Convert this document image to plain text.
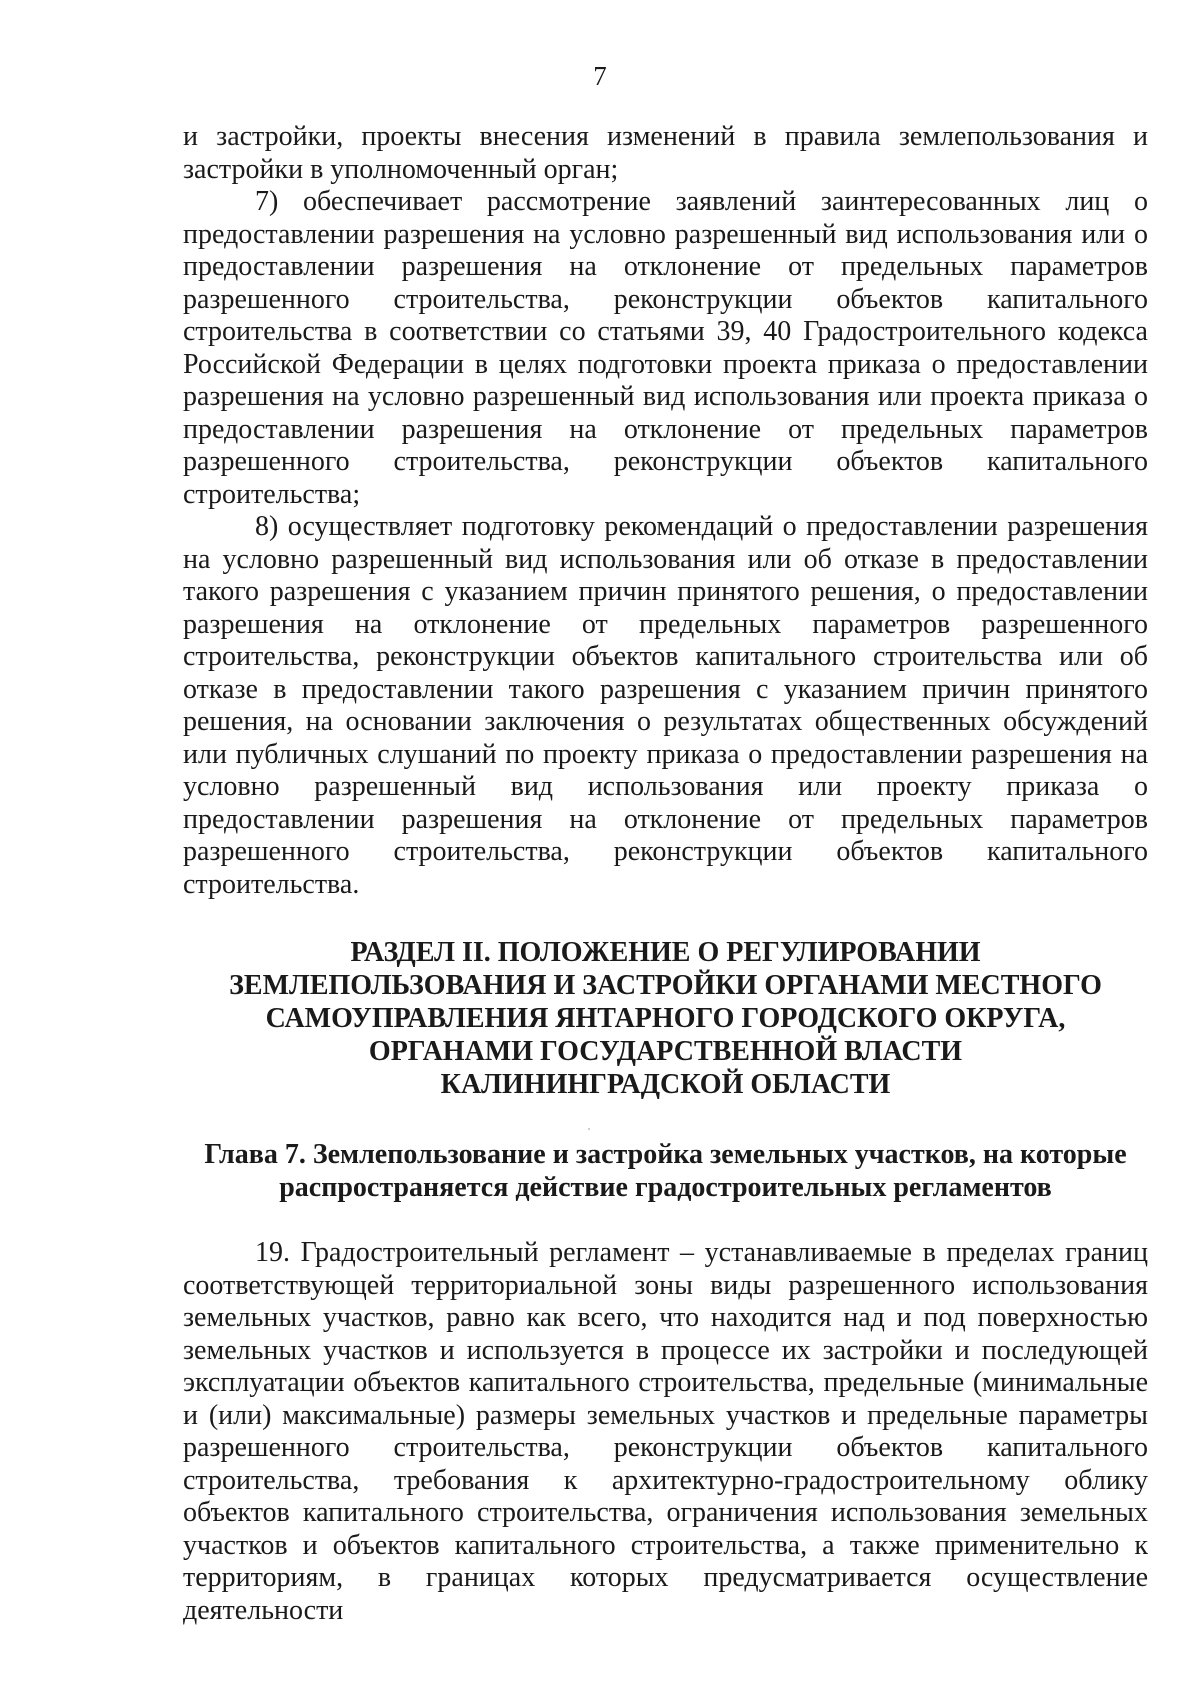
7

и застройки, проекты внесения изменений в правила землепользования и застройки в уполномоченный орган;

7) обеспечивает рассмотрение заявлений заинтересованных лиц о предоставлении разрешения на условно разрешенный вид использования или о предоставлении разрешения на отклонение от предельных параметров разрешенного строительства, реконструкции объектов капитального строительства в соответствии со статьями 39, 40 Градостроительного кодекса Российской Федерации в целях подготовки проекта приказа о предоставлении разрешения на условно разрешенный вид использования или проекта приказа о предоставлении разрешения на отклонение от предельных параметров разрешенного строительства, реконструкции объектов капитального строительства;

8) осуществляет подготовку рекомендаций о предоставлении разрешения на условно разрешенный вид использования или об отказе в предоставлении такого разрешения с указанием причин принятого решения, о предоставлении разрешения на отклонение от предельных параметров разрешенного строительства, реконструкции объектов капитального строительства или об отказе в предоставлении такого разрешения с указанием причин принятого решения, на основании заключения о результатах общественных обсуждений или публичных слушаний по проекту приказа о предоставлении разрешения на условно разрешенный вид использования или проекту приказа о предоставлении разрешения на отклонение от предельных параметров разрешенного строительства, реконструкции объектов капитального строительства.

РАЗДЕЛ II. ПОЛОЖЕНИЕ О РЕГУЛИРОВАНИИ
ЗЕМЛЕПОЛЬЗОВАНИЯ И ЗАСТРОЙКИ ОРГАНАМИ МЕСТНОГО
САМОУПРАВЛЕНИЯ ЯНТАРНОГО ГОРОДСКОГО ОКРУГА,
ОРГАНАМИ ГОСУДАРСТВЕННОЙ ВЛАСТИ
КАЛИНИНГРАДСКОЙ ОБЛАСТИ
Глава 7. Землепользование и застройка земельных участков, на которые
распространяется действие градостроительных регламентов

19. Градостроительный регламент – устанавливаемые в пределах границ соответствующей территориальной зоны виды разрешенного использования земельных участков, равно как всего, что находится над и под поверхностью земельных участков и используется в процессе их застройки и последующей эксплуатации объектов капитального строительства, предельные (минимальные и (или) максимальные) размеры земельных участков и предельные параметры разрешенного строительства, реконструкции объектов капитального строительства, требования к архитектурно-градостроительному облику объектов капитального строительства, ограничения использования земельных участков и объектов капитального строительства, а также применительно к территориям, в границах которых предусматривается осуществление деятельности
